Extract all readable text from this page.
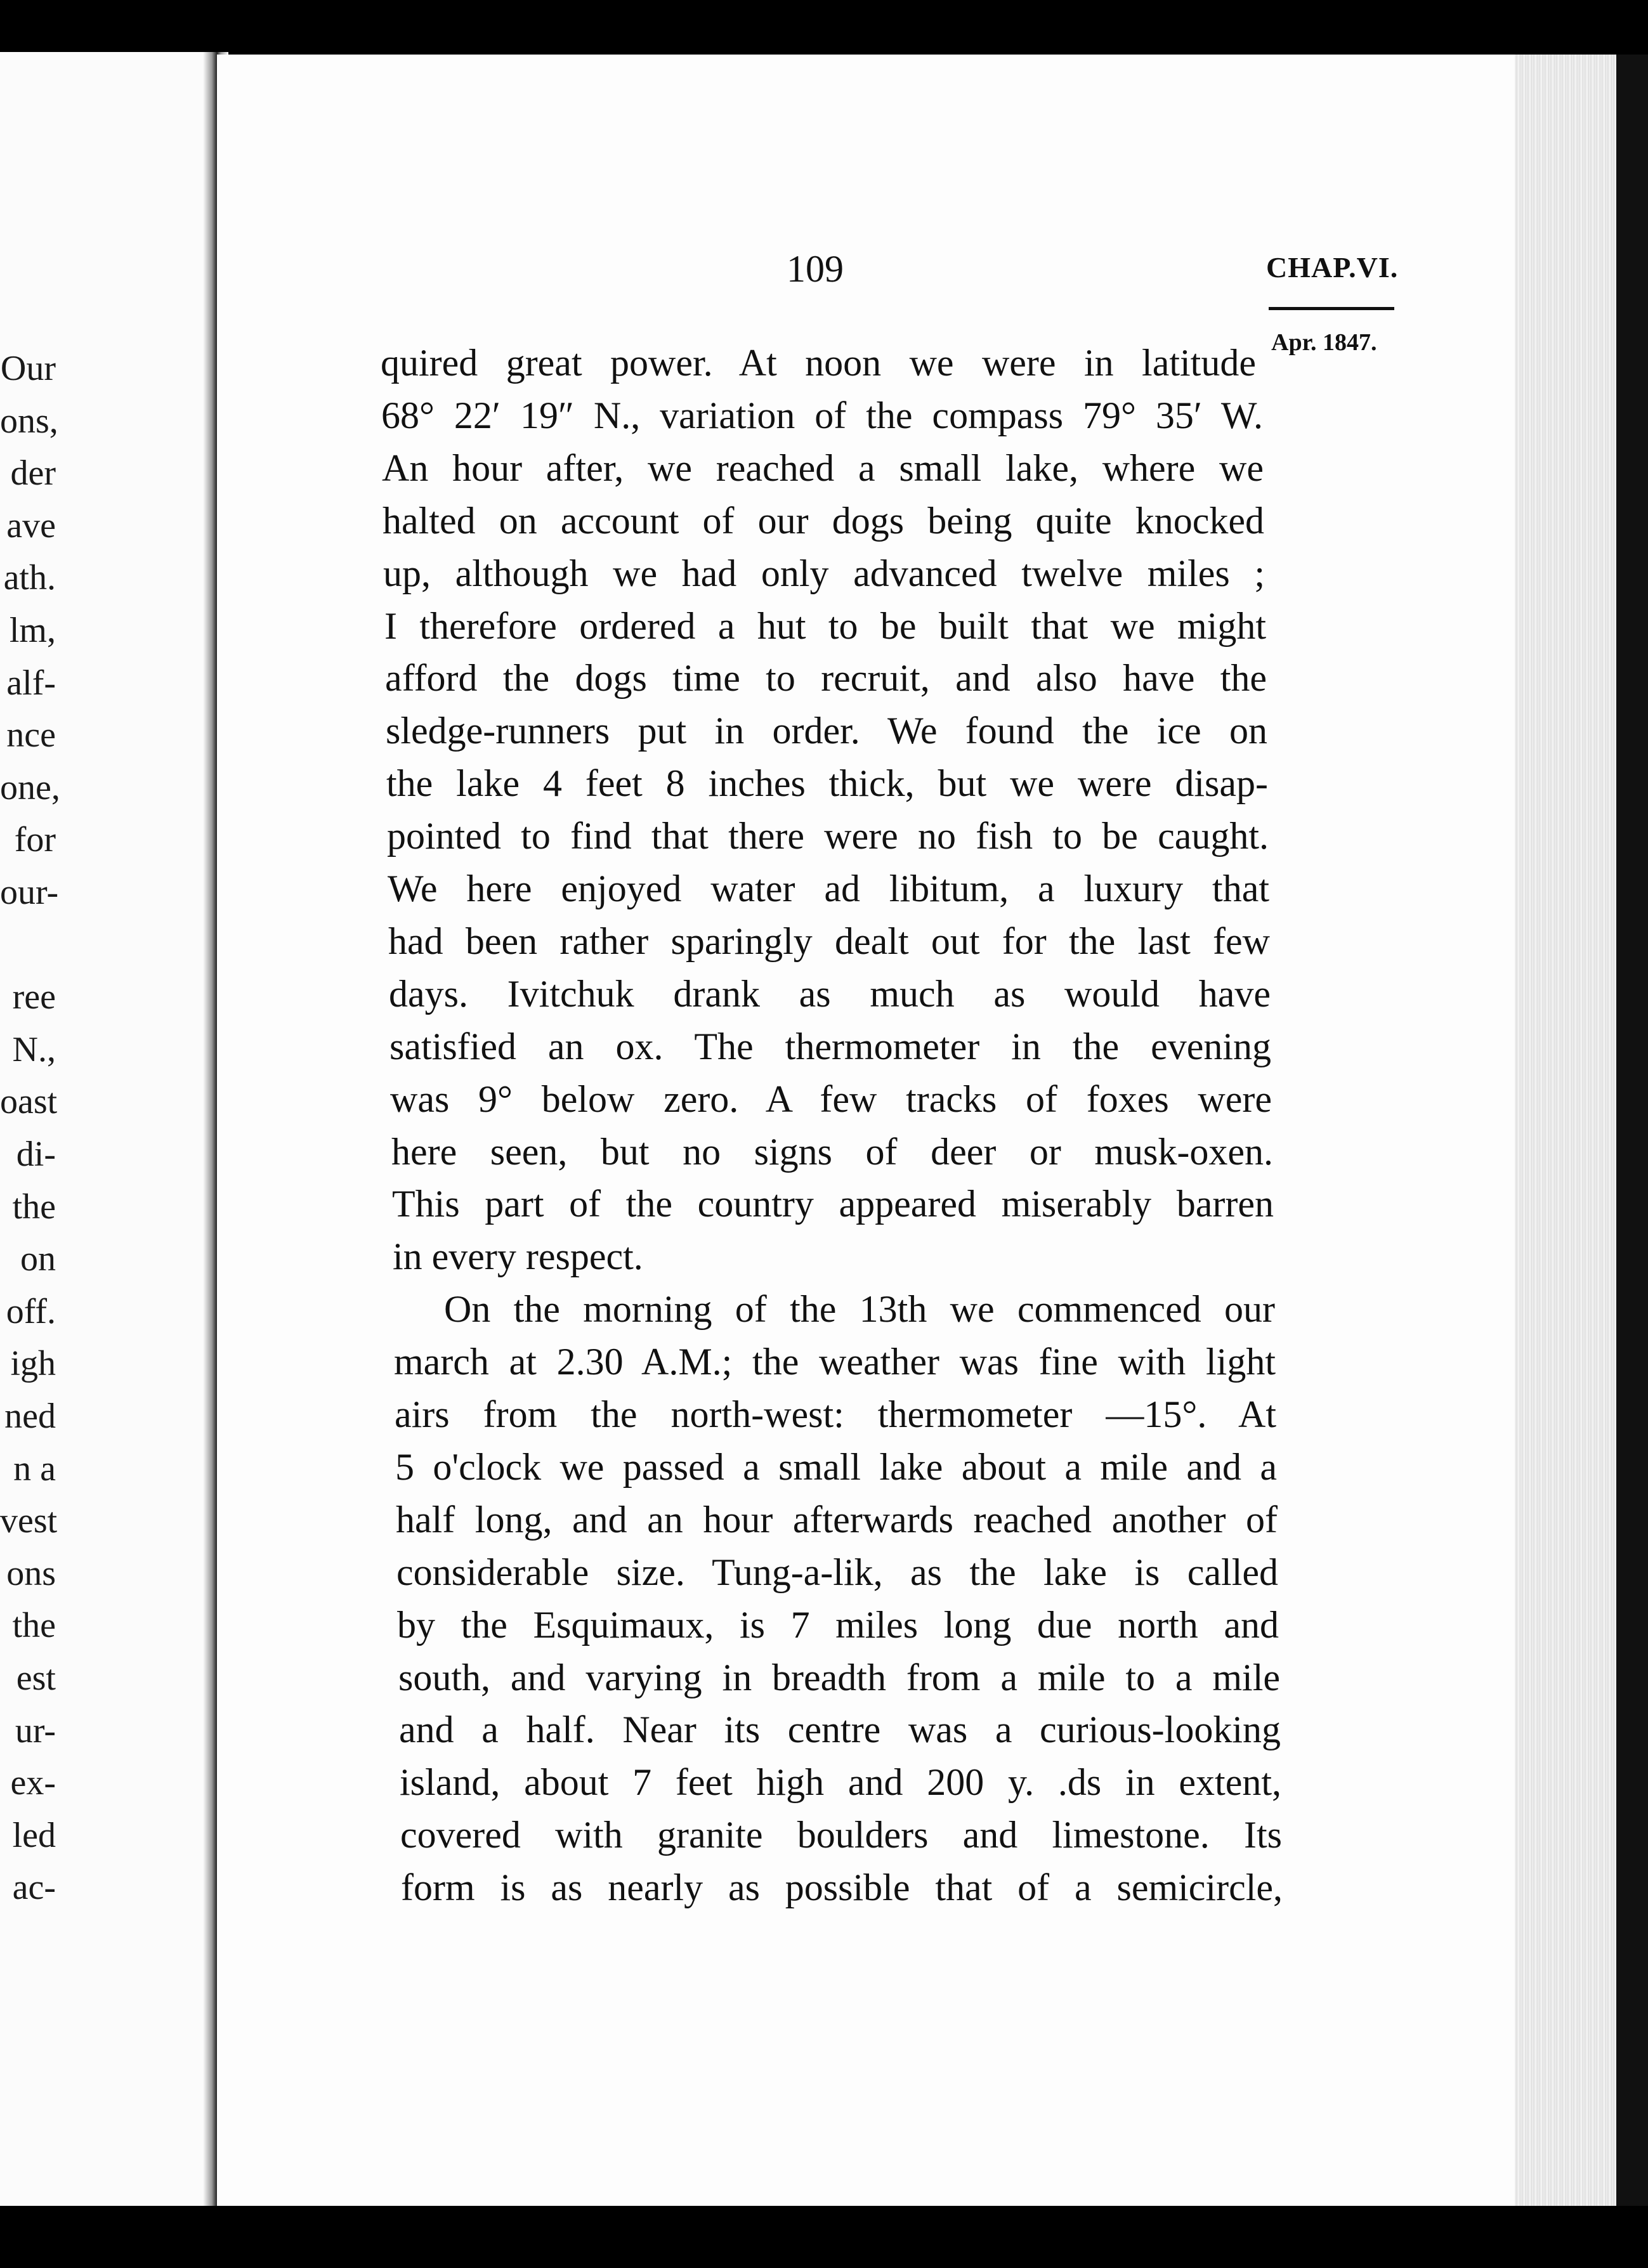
109	CHAP.VI.
Apr. 1847.
Our
ons,
der
ave
ath.
lm,
alf-
nce
one,
for
our-
ree
N.,
oast
di-
the
on
off.
igh
ned
n a
vest
ons
the
est
ur-
ex-
led
ac-
quired great power. At noon we were in latitude
68° 22′ 19″ N., variation of the compass 79° 35′ W.
An hour after, we reached a small lake, where we
halted on account of our dogs being quite knocked
up, although we had only advanced twelve miles ;
I therefore ordered a hut to be built that we might
afford the dogs time to recruit, and also have the
sledge-runners put in order. We found the ice on
the lake 4 feet 8 inches thick, but we were disap-
pointed to find that there were no fish to be caught.
We here enjoyed water ad libitum, a luxury that
had been rather sparingly dealt out for the last few
days. Ivitchuk drank as much as would have
satisfied an ox. The thermometer in the evening
was 9° below zero. A few tracks of foxes were
here seen, but no signs of deer or musk-oxen.
This part of the country appeared miserably barren
in every respect.
On the morning of the 13th we commenced our
march at 2.30 A.M.; the weather was fine with light
airs from the north-west: thermometer —15°. At
5 o'clock we passed a small lake about a mile and a
half long, and an hour afterwards reached another of
considerable size. Tung-a-lik, as the lake is called
by the Esquimaux, is 7 miles long due north and
south, and varying in breadth from a mile to a mile
and a half. Near its centre was a curious-looking
island, about 7 feet high and 200 y. .ds in extent,
covered with granite boulders and limestone. Its
form is as nearly as possible that of a semicircle,
